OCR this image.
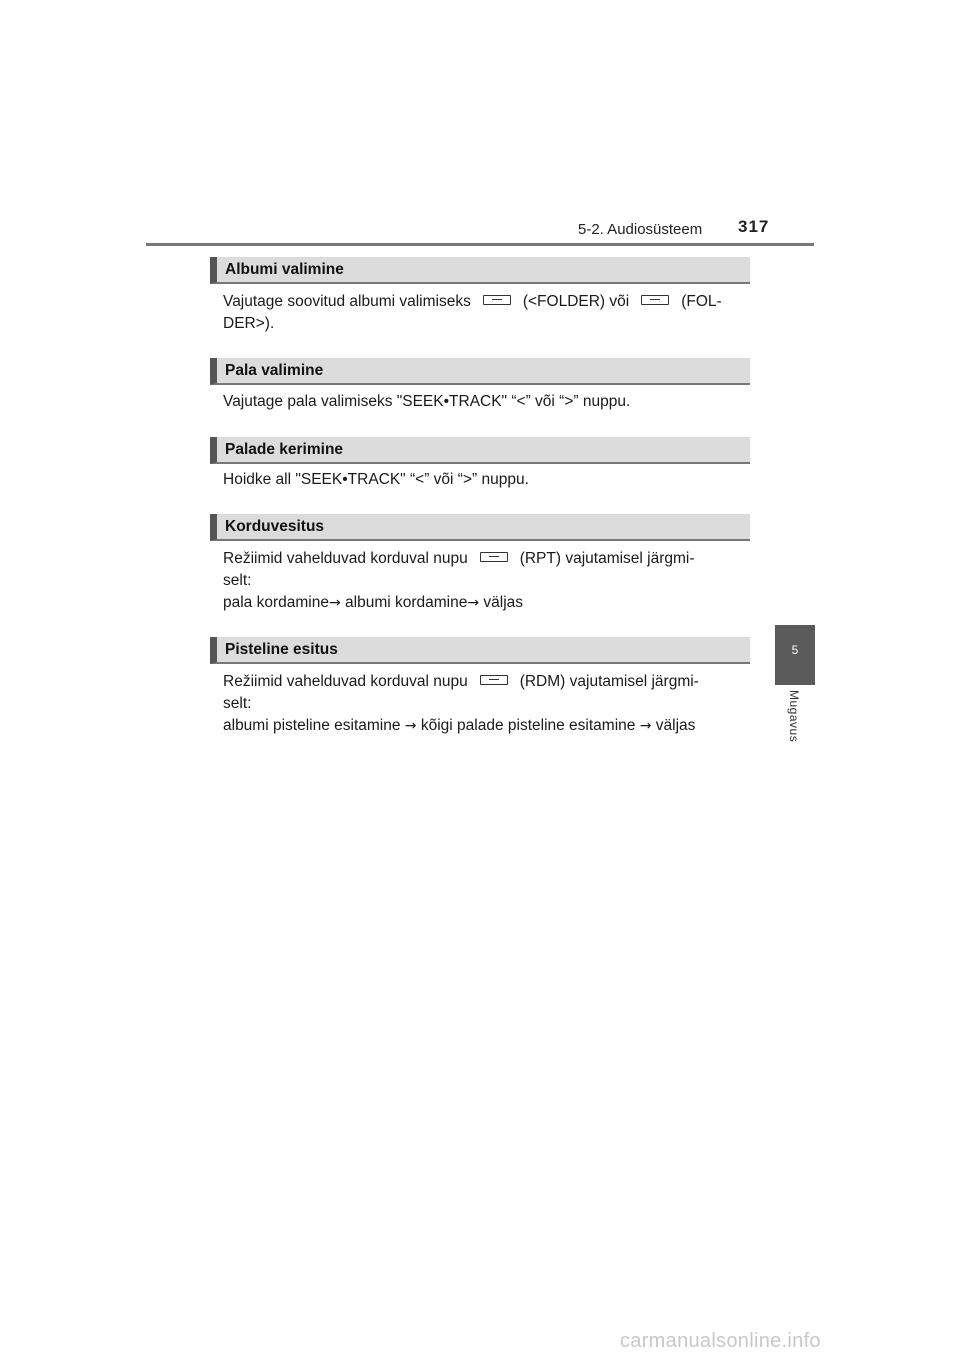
5-2. Audiosüsteem 317
Albumi valimine
Vajutage soovitud albumi valimiseks	(<FOLDER) või	(FOL-
DER>).
Pala valimine
Vajutage pala valimiseks "SEEK•TRACK" “<” või “>” nuppu.
Palade kerimine
Hoidke all "SEEK•TRACK" “<” või “>” nuppu.
Korduvesitus
Režiimid vahelduvad korduval nupu	(RPT) vajutamisel järgmi-
selt:
pala kordamine→ albumi kordamine→ väljas
Pisteline esitus
Režiimid vahelduvad korduval nupu	(RDM) vajutamisel järgmi-
selt:
albumi pisteline esitamine → kõigi palade pisteline esitamine → väljas
5
Mugavus
carmanualsonline.info
